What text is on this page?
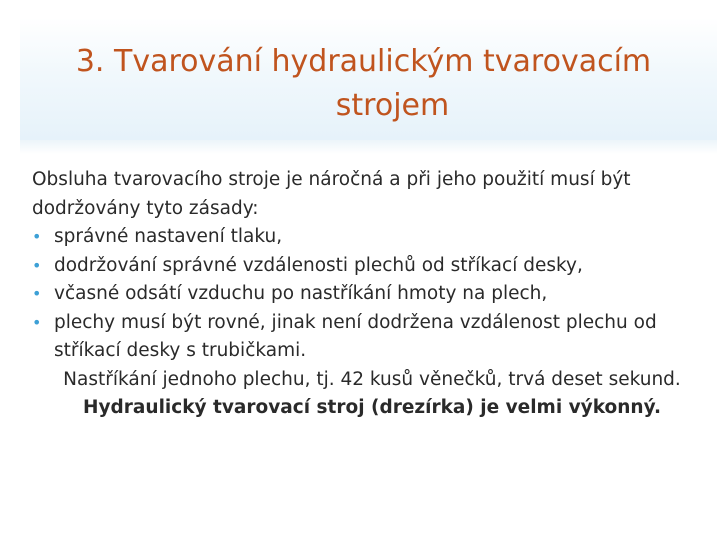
3. Tvarování hydraulickým tvarovacím
strojem

Obsluha tvarovacího stroje je náročná a při jeho použití musí být

dodržovány tyto zásady:

• správné nastavení tlaku,
• dodržování správné vzdálenosti plechů od stříkací desky,
• včasné odsátí vzduchu po nastříkání hmoty na plech,
• plechy musí být rovné, jinak není dodržena vzdálenost plechu od
stříkací desky s trubičkami.

Nastříkání jednoho plechu, tj. 42 kusů věnečků, trvá deset sekund.

Hydraulický tvarovací stroj (drezírka) je velmi výkonný.
